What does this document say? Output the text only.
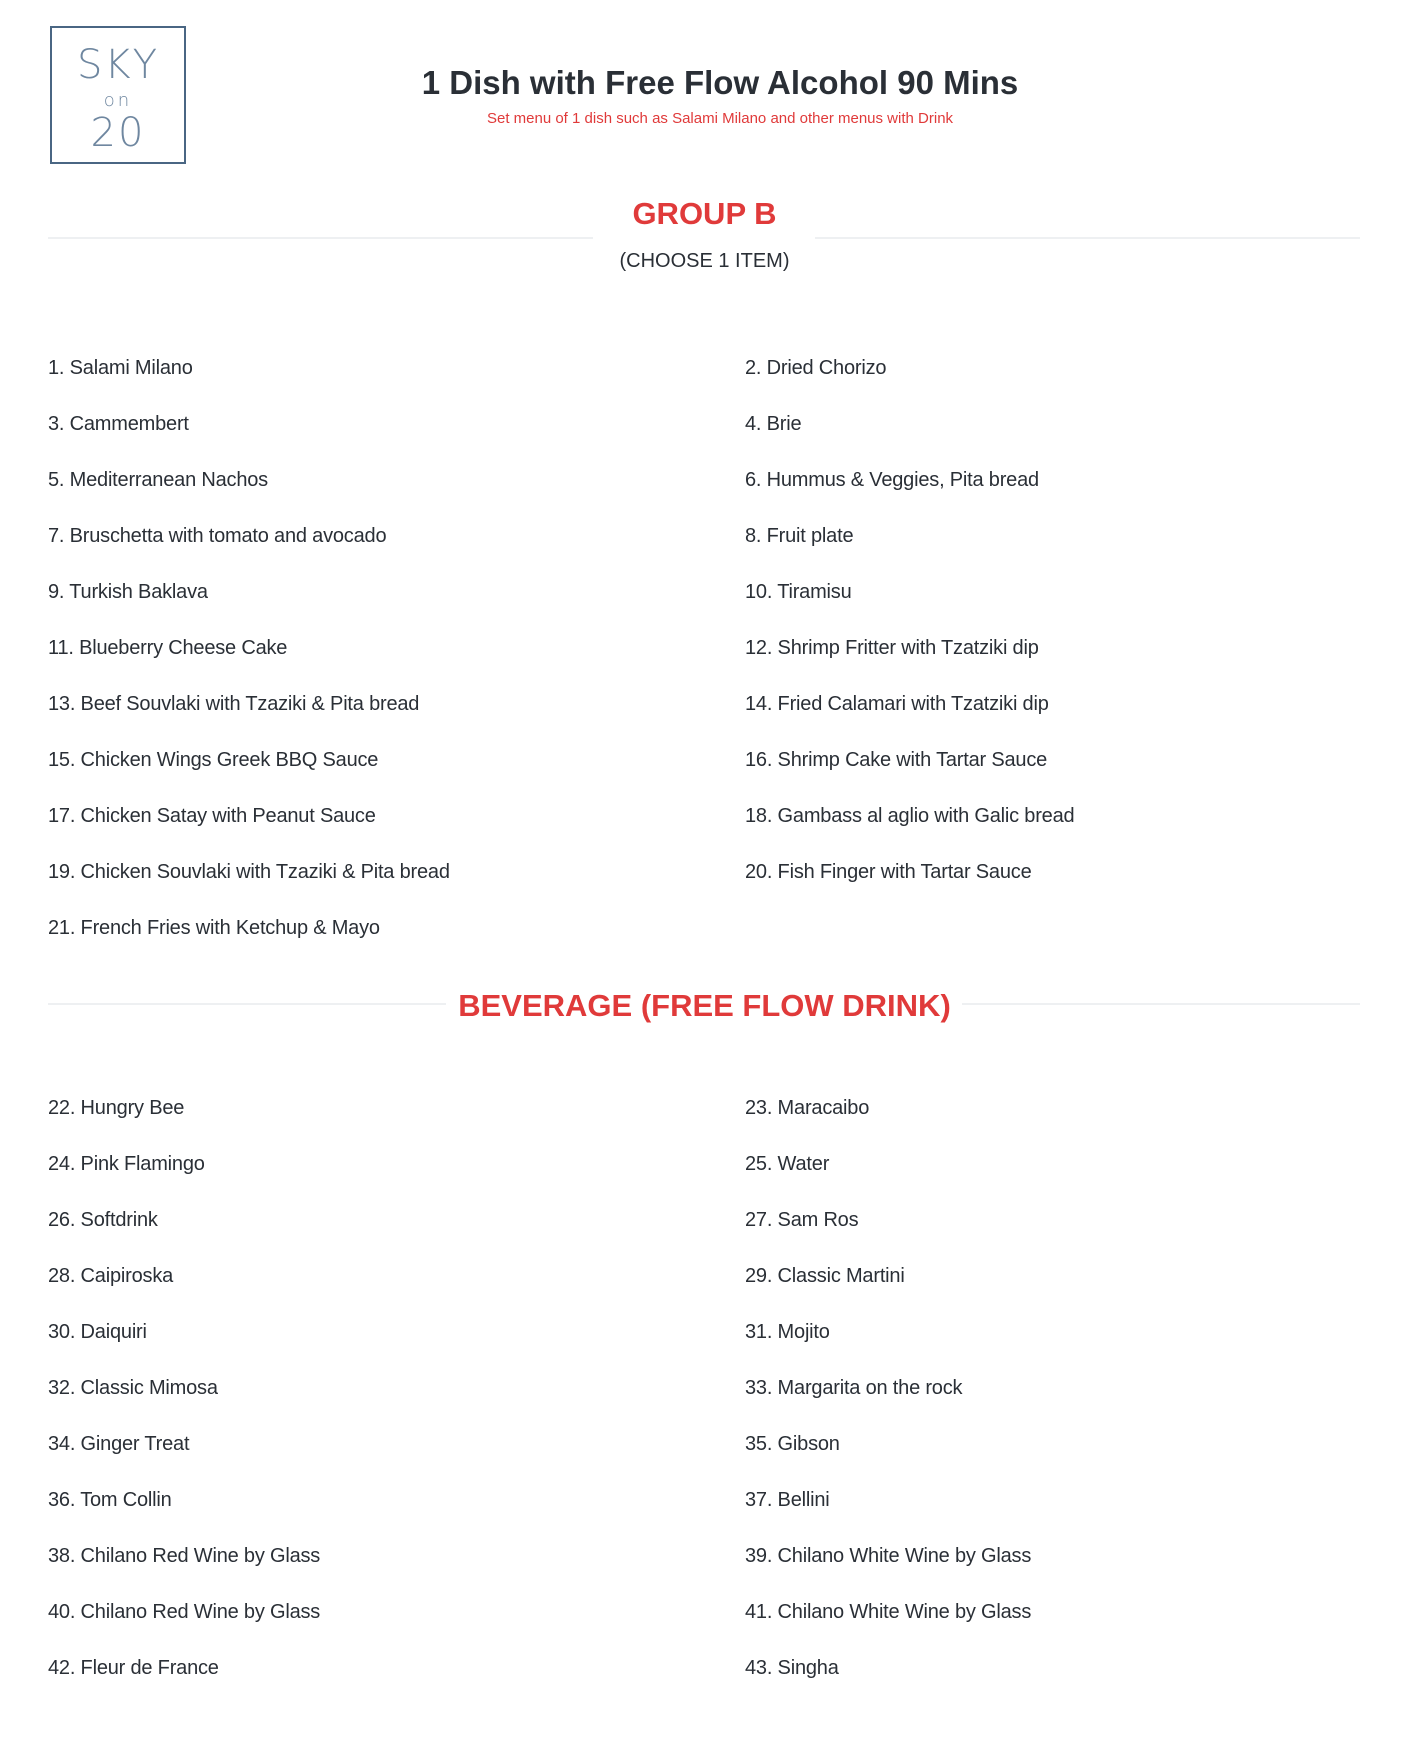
SKY
on
20
1 Dish with Free Flow Alcohol 90 Mins
Set menu of 1 dish such as Salami Milano and other menus with Drink
GROUP B
(CHOOSE 1 ITEM)
1. Salami Milano
3. Cammembert
5. Mediterranean Nachos
7. Bruschetta with tomato and avocado
9. Turkish Baklava
11. Blueberry Cheese Cake
13. Beef Souvlaki with Tzaziki & Pita bread
15. Chicken Wings Greek BBQ Sauce
17. Chicken Satay with Peanut Sauce
19. Chicken Souvlaki with Tzaziki & Pita bread
21. French Fries with Ketchup & Mayo
2. Dried Chorizo
4. Brie
6. Hummus & Veggies, Pita bread
8. Fruit plate
10. Tiramisu
12. Shrimp Fritter with Tzatziki dip
14. Fried Calamari with Tzatziki dip
16. Shrimp Cake with Tartar Sauce
18. Gambass al aglio with Galic bread
20. Fish Finger with Tartar Sauce
BEVERAGE (FREE FLOW DRINK)
22. Hungry Bee
24. Pink Flamingo
26. Softdrink
28. Caipiroska
30. Daiquiri
32. Classic Mimosa
34. Ginger Treat
36. Tom Collin
38. Chilano Red Wine by Glass
40. Chilano Red Wine by Glass
42. Fleur de France
23. Maracaibo
25. Water
27. Sam Ros
29. Classic Martini
31. Mojito
33. Margarita on the rock
35. Gibson
37. Bellini
39. Chilano White Wine by Glass
41. Chilano White Wine by Glass
43. Singha
